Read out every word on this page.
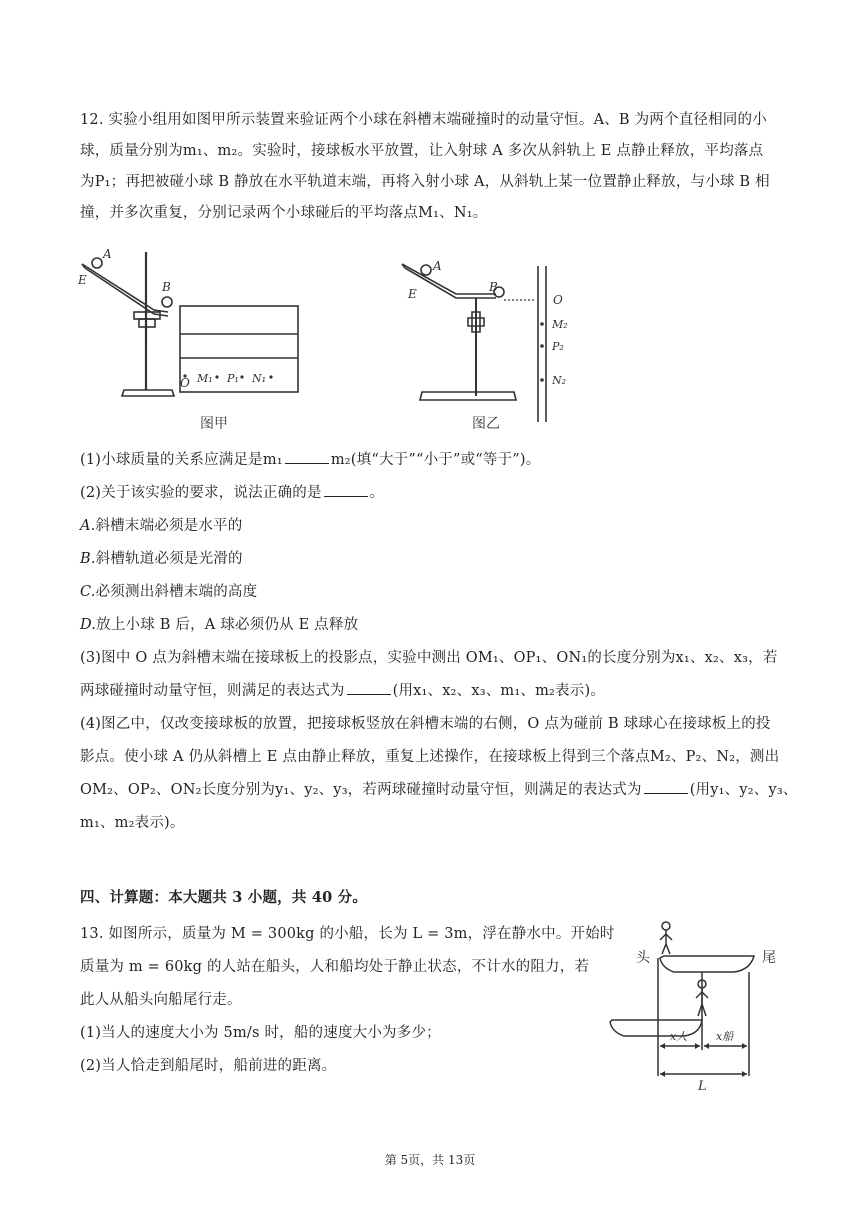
12. 实验小组用如图甲所示装置来验证两个小球在斜槽末端碰撞时的动量守恒。A、B 为两个直径相同的小
球，质量分别为m₁、m₂。实验时，接球板水平放置，让入射球 A 多次从斜轨上 E 点静止释放，平均落点
为P₁；再把被碰小球 B 静放在水平轨道末端，再将入射小球 A，从斜轨上某一位置静止释放，与小球 B 相
撞，并多次重复，分别记录两个小球碰后的平均落点M₁、N₁。
A
E	B
O M₁ P₁ N₁
图甲
A
E	B
O
M₂
P₂
N₂
图乙
(1)小球质量的关系应满足是m₁	m₂(填“大于”“小于”或“等于”)。
(2)关于该实验的要求，说法正确的是	。
A.斜槽末端必须是水平的
B.斜槽轨道必须是光滑的
C.必须测出斜槽末端的高度
D.放上小球 B 后，A 球必须仍从 E 点释放
(3)图中 O 点为斜槽末端在接球板上的投影点，实验中测出 OM₁、OP₁、ON₁的长度分别为x₁、x₂、x₃，若
两球碰撞时动量守恒，则满足的表达式为	(用x₁、x₂、x₃、m₁、m₂表示)。
(4)图乙中，仅改变接球板的放置，把接球板竖放在斜槽末端的右侧，O 点为碰前 B 球球心在接球板上的投
影点。使小球 A 仍从斜槽上 E 点由静止释放，重复上述操作，在接球板上得到三个落点M₂、P₂、N₂，测出
OM₂、OP₂、ON₂长度分别为y₁、y₂、y₃，若两球碰撞时动量守恒，则满足的表达式为	(用y₁、y₂、y₃、
m₁、m₂表示)。
四、计算题：本大题共 3 小题，共 40 分。
13. 如图所示，质量为 M = 300kg 的小船，长为 L = 3m，浮在静水中。开始时
质量为 m = 60kg 的人站在船头，人和船均处于静止状态，不计水的阻力，若
此人从船头向船尾行走。
(1)当人的速度大小为 5m/s 时，船的速度大小为多少；
(2)当人恰走到船尾时，船前进的距离。
头	尾
x人	x船
L
第 5页，共 13页
